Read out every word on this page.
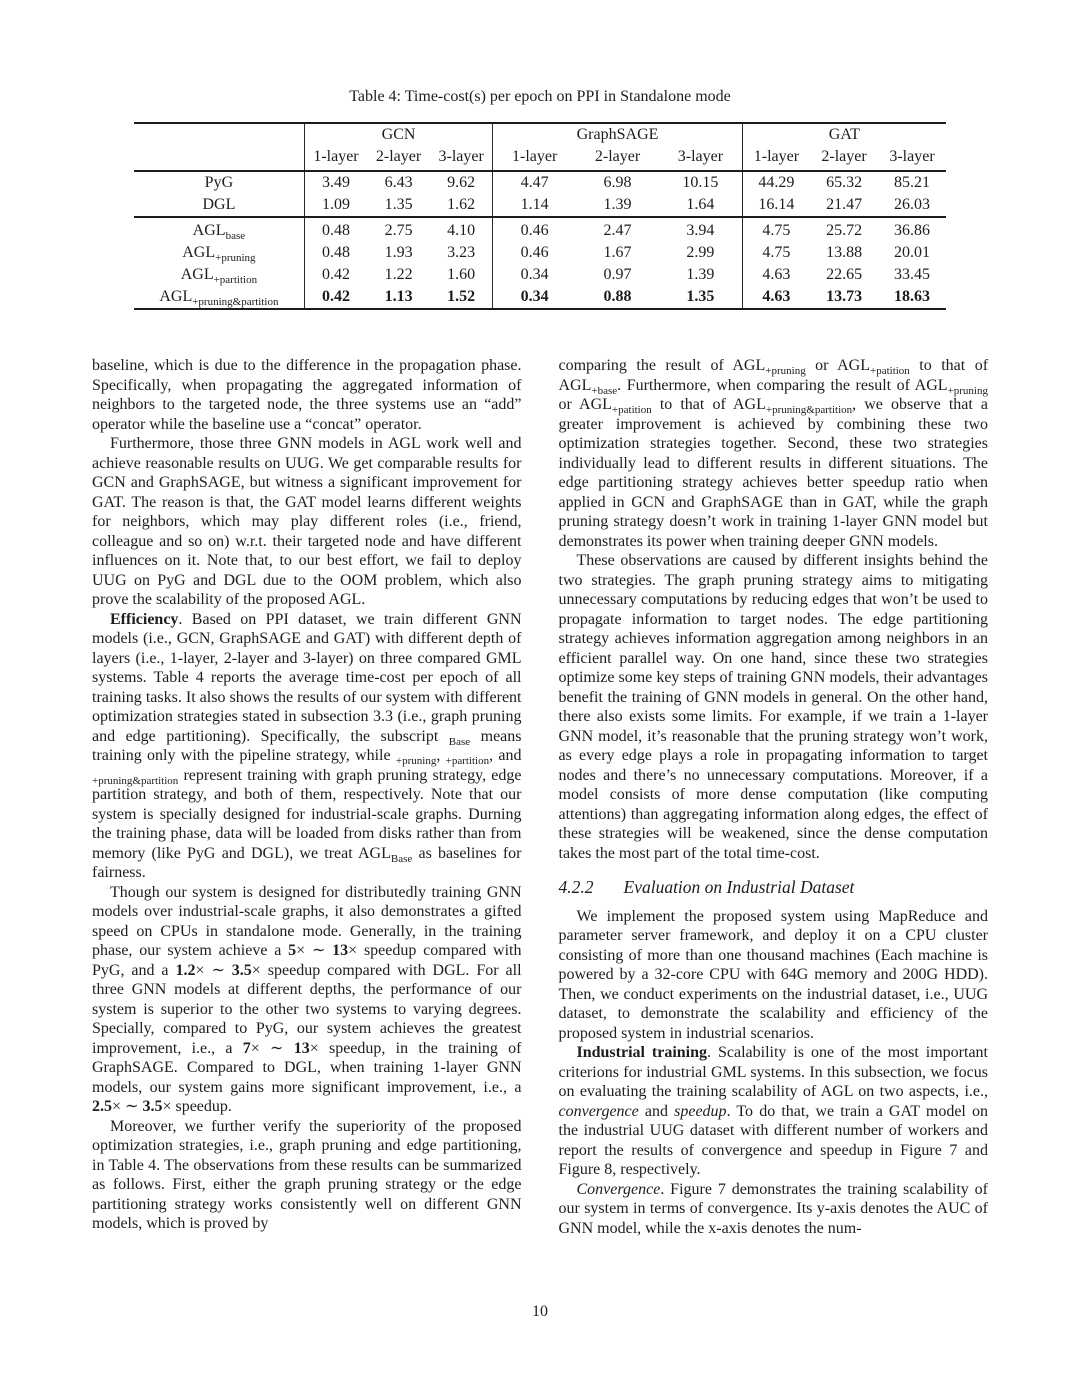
Table 4: Time-cost(s) per epoch on PPI in Standalone mode
	GCN			GraphSAGE			GAT		
	1-layer	2-layer	3-layer	1-layer	2-layer	3-layer	1-layer	2-layer	3-layer
PyG	3.49	6.43	9.62	4.47	6.98	10.15	44.29	65.32	85.21
DGL	1.09	1.35	1.62	1.14	1.39	1.64	16.14	21.47	26.03
$AGL_{base}$	0.48	2.75	4.10	0.46	2.47	3.94	4.75	25.72	36.86
$AGL_{+pruning}$	0.48	1.93	3.23	0.46	1.67	2.99	4.75	13.88	20.01
$AGL_{+partition}$	0.42	1.22	1.60	0.34	0.97	1.39	4.63	22.65	33.45
$AGL_{+pruning\&partition}$	0.42	1.13	1.52	0.34	0.88	1.35	4.63	13.73	18.63

baseline, which is due to the difference in the propagation phase. Specifically, when propagating the aggregated information of neighbors to the targeted node, the three systems use an “add” operator while the baseline use a “concat” operator.

Furthermore, those three GNN models in AGL work well and achieve reasonable results on UUG. We get comparable results for GCN and GraphSAGE, but witness a significant improvement for GAT. The reason is that, the GAT model learns different weights for neighbors, which may play different roles (i.e., friend, colleague and so on) w.r.t. their targeted node and have different influences on it. Note that, to our best effort, we fail to deploy UUG on PyG and DGL due to the OOM problem, which also prove the scalability of the proposed AGL.

Efficiency. Based on PPI dataset, we train different GNN models (i.e., GCN, GraphSAGE and GAT) with different depth of layers (i.e., 1-layer, 2-layer and 3-layer) on three compared GML systems. Table 4 reports the average time-cost per epoch of all training tasks. It also shows the results of our system with different optimization strategies stated in subsection 3.3 (i.e., graph pruning and edge partitioning). Specifically, the subscript $_{Base}$ means training only with the pipeline strategy, while $_{+pruning}$, $_{+partition}$, and $_{+pruning\&partition}$ represent training with graph pruning strategy, edge partition strategy, and both of them, respectively. Note that our system is specially designed for industrial-scale graphs. Durning the training phase, data will be loaded from disks rather than from memory (like PyG and DGL), we treat $AGL_{Base}$ as baselines for fairness.

Though our system is designed for distributedly training GNN models over industrial-scale graphs, it also demonstrates a gifted speed on CPUs in standalone mode. Generally, in the training phase, our system achieve a 5× ∼ 13× speedup compared with PyG, and a 1.2× ∼ 3.5× speedup compared with DGL. For all three GNN models at different depths, the performance of our system is superior to the other two systems to varying degrees. Specially, compared to PyG, our system achieves the greatest improvement, i.e., a 7× ∼ 13× speedup, in the training of GraphSAGE. Compared to DGL, when training 1-layer GNN models, our system gains more significant improvement, i.e., a 2.5× ∼ 3.5× speedup.

Moreover, we further verify the superiority of the proposed optimization strategies, i.e., graph pruning and edge partitioning, in Table 4. The observations from these results can be summarized as follows. First, either the graph pruning strategy or the edge partitioning strategy works consistently well on different GNN models, which is proved by

comparing the result of $AGL_{+pruning}$ or $AGL_{+patition}$ to that of $AGL_{+base}$. Furthermore, when comparing the result of $AGL_{+pruning}$ or $AGL_{+patition}$ to that of $AGL_{+pruning\&partition}$, we observe that a greater improvement is achieved by combining these two optimization strategies together. Second, these two strategies individually lead to different results in different situations. The edge partitioning strategy achieves better speedup ratio when applied in GCN and GraphSAGE than in GAT, while the graph pruning strategy doesn’t work in training 1-layer GNN model but demonstrates its power when training deeper GNN models.

These observations are caused by different insights behind the two strategies. The graph pruning strategy aims to mitigating unnecessary computations by reducing edges that won’t be used to propagate information to target nodes. The edge partitioning strategy achieves information aggregation among neighbors in an efficient parallel way. On one hand, since these two strategies optimize some key steps of training GNN models, their advantages benefit the training of GNN models in general. On the other hand, there also exists some limits. For example, if we train a 1-layer GNN model, it’s reasonable that the pruning strategy won’t work, as every edge plays a role in propagating information to target nodes and there’s no unnecessary computations. Moreover, if a model consists of more dense computation (like computing attentions) than aggregating information along edges, the effect of these strategies will be weakened, since the dense computation takes the most part of the total time-cost.

4.2.2 Evaluation on Industrial Dataset

We implement the proposed system using MapReduce and parameter server framework, and deploy it on a CPU cluster consisting of more than one thousand machines (Each machine is powered by a 32-core CPU with 64G memory and 200G HDD). Then, we conduct experiments on the industrial dataset, i.e., UUG dataset, to demonstrate the scalability and efficiency of the proposed system in industrial scenarios.

Industrial training. Scalability is one of the most important criterions for industrial GML systems. In this subsection, we focus on evaluating the training scalability of AGL on two aspects, i.e., convergence and speedup. To do that, we train a GAT model on the industrial UUG dataset with different number of workers and report the results of convergence and speedup in Figure 7 and Figure 8, respectively.

Convergence. Figure 7 demonstrates the training scalability of our system in terms of convergence. Its y-axis denotes the AUC of GNN model, while the x-axis denotes the num-

10
